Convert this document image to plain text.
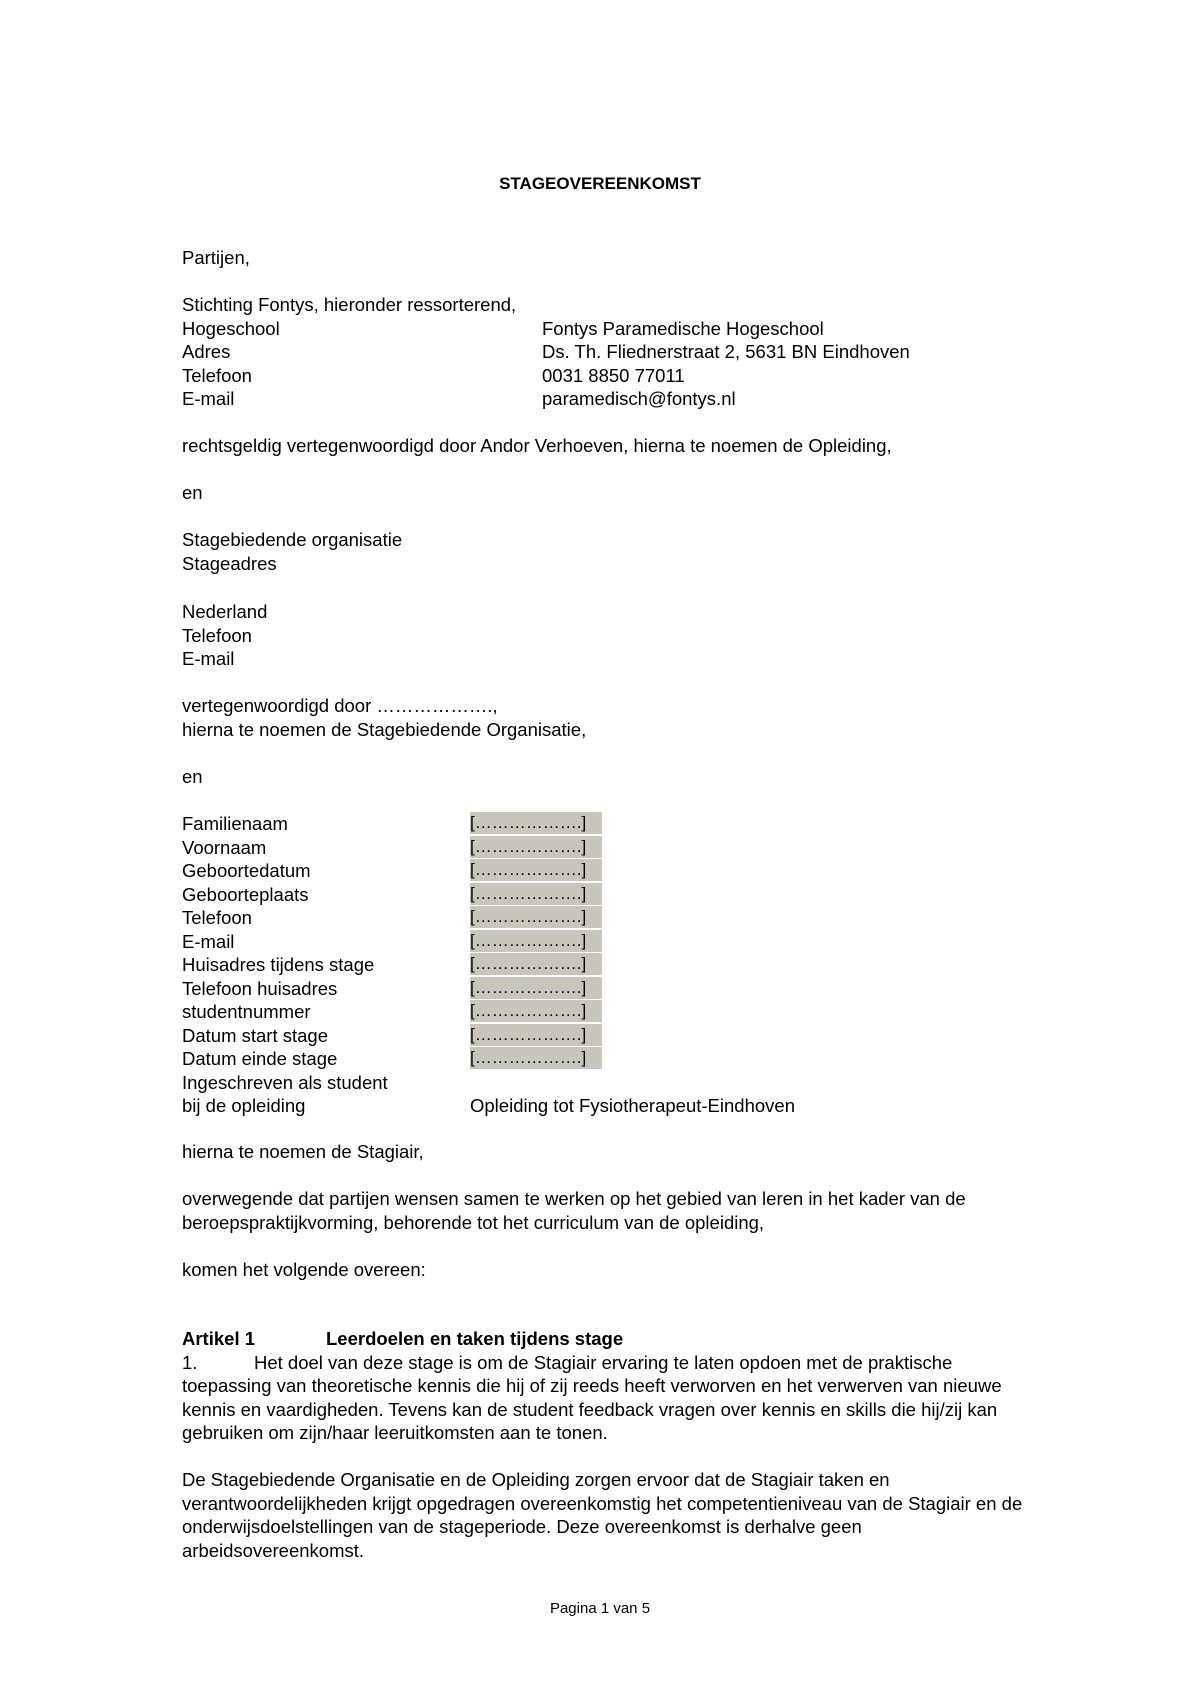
STAGEOVEREENKOMST
Partijen,
Stichting Fontys, hieronder ressorterend,
Hogeschool	Fontys Paramedische Hogeschool
Adres	Ds. Th. Fliednerstraat 2, 5631 BN Eindhoven
Telefoon	0031 8850 77011
E-mail	paramedisch@fontys.nl
rechtsgeldig vertegenwoordigd door Andor Verhoeven, hierna te noemen de Opleiding,
en
Stagebiedende organisatie
Stageadres
Nederland
Telefoon
E-mail
vertegenwoordigd door ……………….,
hierna te noemen de Stagebiedende Organisatie,
en
Familienaam	[……………….]
Voornaam	[……………….]
Geboortedatum	[……………….]
Geboorteplaats	[……………….]
Telefoon	[……………….]
E-mail	[……………….]
Huisadres tijdens stage	[……………….]
Telefoon huisadres	[……………….]
studentnummer	[……………….]
Datum start stage	[……………….]
Datum einde stage	[……………….]
Ingeschreven als student
bij de opleiding	Opleiding tot Fysiotherapeut-Eindhoven
hierna te noemen de Stagiair,
overwegende dat partijen wensen samen te werken op het gebied van leren in het kader van de beroepspraktijkvorming, behorende tot het curriculum van de opleiding,
komen het volgende overeen:
Artikel 1	Leerdoelen en taken tijdens stage

1.	Het doel van deze stage is om de Stagiair ervaring te laten opdoen met de praktische toepassing van theoretische kennis die hij of zij reeds heeft verworven en het verwerven van nieuwe kennis en vaardigheden. Tevens kan de student feedback vragen over kennis en skills die hij/zij kan gebruiken om zijn/haar leeruitkomsten aan te tonen.

De Stagebiedende Organisatie en de Opleiding zorgen ervoor dat de Stagiair taken en verantwoordelijkheden krijgt opgedragen overeenkomstig het competentieniveau van de Stagiair en de onderwijsdoelstellingen van de stageperiode. Deze overeenkomst is derhalve geen arbeidsovereenkomst.

Pagina 1 van 5
